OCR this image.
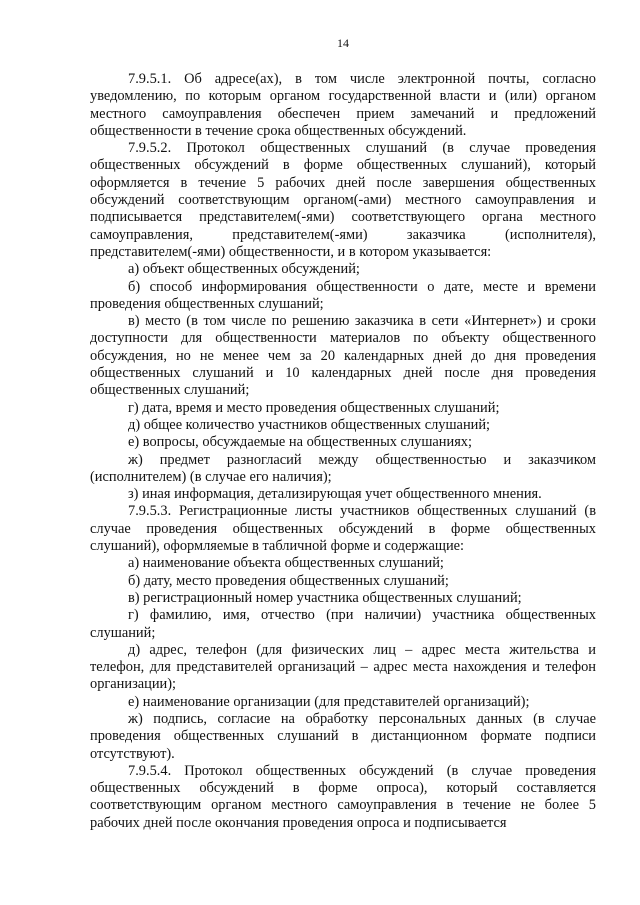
14

7.9.5.1. Об адресе(ах), в том числе электронной почты, согласно уведомлению, по которым органом государственной власти и (или) органом местного самоуправления обеспечен прием замечаний и предложений общественности в течение срока общественных обсуждений.

7.9.5.2. Протокол общественных слушаний (в случае проведения общественных обсуждений в форме общественных слушаний), который оформляется в течение 5 рабочих дней после завершения общественных обсуждений соответствующим органом(-ами) местного самоуправления и подписывается представителем(-ями) соответствующего органа местного самоуправления, представителем(-ями) заказчика (исполнителя), представителем(-ями) общественности, и в котором указывается:

а) объект общественных обсуждений;

б) способ информирования общественности о дате, месте и времени проведения общественных слушаний;

в) место (в том числе по решению заказчика в сети «Интернет») и сроки доступности для общественности материалов по объекту общественного обсуждения, но не менее чем за 20 календарных дней до дня проведения общественных слушаний и 10 календарных дней после дня проведения общественных слушаний;

г) дата, время и место проведения общественных слушаний;

д) общее количество участников общественных слушаний;

е) вопросы, обсуждаемые на общественных слушаниях;

ж) предмет разногласий между общественностью и заказчиком (исполнителем) (в случае его наличия);

з) иная информация, детализирующая учет общественного мнения.

7.9.5.3. Регистрационные листы участников общественных слушаний (в случае проведения общественных обсуждений в форме общественных слушаний), оформляемые в табличной форме и содержащие:

а) наименование объекта общественных слушаний;

б) дату, место проведения общественных слушаний;

в) регистрационный номер участника общественных слушаний;

г) фамилию, имя, отчество (при наличии) участника общественных слушаний;

д) адрес, телефон (для физических лиц – адрес места жительства и телефон, для представителей организаций – адрес места нахождения и телефон организации);

е) наименование организации (для представителей организаций);

ж) подпись, согласие на обработку персональных данных (в случае проведения общественных слушаний в дистанционном формате подписи отсутствуют).

7.9.5.4. Протокол общественных обсуждений (в случае проведения общественных обсуждений в форме опроса), который составляется соответствующим органом местного самоуправления в течение не более 5 рабочих дней после окончания проведения опроса и подписывается
